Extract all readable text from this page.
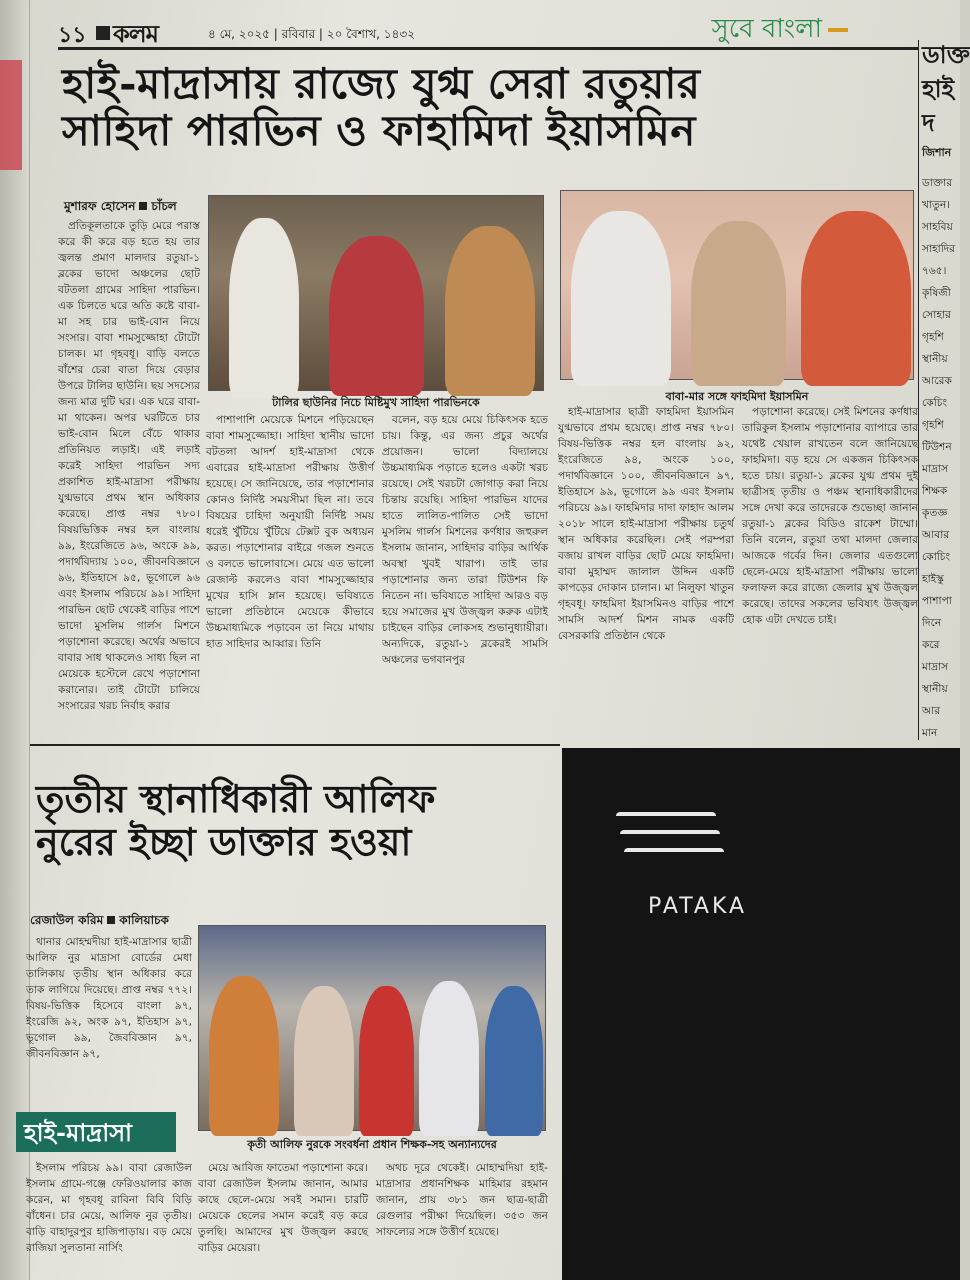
১১	কলম	৪ মে, ২০২৫ | রবিবার | ২০ বৈশাখ, ১৪৩২	সুবে বাংলা
হাই-মাদ্রাসায় রাজ্যে যুগ্ম সেরা রতুয়ার
সাহিদা পারভিন ও ফাহামিদা ইয়াসমিন
মুশারফ হোসেন চাঁচল
টালির ছাউনির নিচে মিষ্টিমুখ সাহিদা পারভিনকে	বাবা-মার সঙ্গে ফাহমিদা ইয়াসমিন

প্রতিকূলতাকে তুড়ি মেরে পরাস্ত করে কী করে বড় হতে হয় তার জ্বলন্ত প্রমাণ মালদার রতুয়া-১ ব্লকের ভাদো অঞ্চলের ছোট বটতলা গ্রামের সাহিদা পারভিন। এক চিলতে ঘরে অতি কষ্টে বাবা-মা সহ চার ভাই-বোন নিয়ে সংসার। বাবা শামসুজ্জোহা টোটো চালক। মা গৃহবধূ। বাড়ি বলতে বাঁশের চেরা বাতা দিয়ে বেড়ার উপরে টালির ছাউনি। ছয় সদস্যের জন্য মাত্র দুটি ঘর। এক ঘরে বাবা-মা থাকেন। অপর ঘরটিতে চার ভাই-বোন মিলে বেঁচে থাকার প্রতিনিয়ত লড়াই। এই লড়াই করেই সাহিদা পারভিন সদ্য প্রকাশিত হাই-মাদ্রাসা পরীক্ষায় যুগ্মভাবে প্রথম স্থান অধিকার করেছে। প্রাপ্ত নম্বর ৭৮০। বিষয়ভিত্তিক নম্বর হল বাংলায় ৯৯, ইংরেজিতে ৯৬, অংকে ৯৯, পদার্থবিদ্যায় ১০০, জীবনবিজ্ঞানে ৯৬, ইতিহাসে ৯৫, ভূগোলে ৯৬ এবং ইসলাম পরিচয়ে ৯৯। সাহিদা পারভিন ছোট থেকেই বাড়ির পাশে ভাদো মুসলিম গার্লস মিশনে পড়াশোনা করেছে। অর্থের অভাবে বাবার সাধ থাকলেও সাধ্য ছিল না মেয়েকে হস্টেলে রেখে পড়াশোনা করানোর। তাই টোটো চালিয়ে সংসারের খরচ নির্বাহ করার

পাশাপাশি মেয়েকে মিশনে পড়িয়েছেন বাবা শামসুজ্জোহা। সাহিদা স্থানীয় ভাদো বটতলা আদর্শ হাই-মাদ্রাসা থেকে এবারের হাই-মাদ্রাসা পরীক্ষায় উত্তীর্ণ হয়েছে। সে জানিয়েছে, তার পড়াশোনার কোনও নির্দিষ্ট সময়সীমা ছিল না। তবে বিষয়ের চাহিদা অনুযায়ী নির্দিষ্ট সময় ধরেই খুঁটিয়ে খুঁটিয়ে টেক্সট বুক অধ্যয়ন করত। পড়াশোনার বাইরে গজল শুনতে ও বলতে ভালোবাসে। মেয়ে এত ভালো রেজাল্ট করলেও বাবা শামসুজ্জোহার মুখের হাসি ম্লান হয়েছে। ভবিষ্যতে ভালো প্রতিষ্ঠানে মেয়েকে কীভাবে উচ্চমাধ্যমিকে পড়াবেন তা নিয়ে মাথায় হাত সাহিদার আব্বার। তিনি

বলেন, বড় হয়ে মেয়ে চিকিৎসক হতে চায়। কিন্তু, এর জন্য প্রচুর অর্থের প্রয়োজন। ভালো বিদ্যালয়ে উচ্চমাধ্যমিক পড়াতে হলেও একটা খরচ রয়েছে। সেই খরচটা জোগাড় করা নিয়ে চিন্তায় রয়েছি। সাহিদা পারভিন যাদের হাতে লালিত-পালিত সেই ভাদো মুসলিম গার্লস মিশনের কর্ণধার জহুরুল ইসলাম জানান, সাহিদার বাড়ির আর্থিক অবস্থা খুবই খারাপ। তাই তার পড়াশোনার জন্য তারা টিউশন ফি নিতেন না। ভবিষ্যতে সাহিদা আরও বড় হয়ে সমাজের মুখ উজ্জ্বল করুক এটাই চাইছেন বাড়ির লোকসহ শুভানুধ্যায়ীরা। অন্যদিকে, রতুয়া-১ ব্লকেরই সামসি অঞ্চলের ভগবানপুর

হাই-মাদ্রাসার ছাত্রী ফাহমিদা ইয়াসমিন যুগ্মভাবে প্রথম হয়েছে। প্রাপ্ত নম্বর ৭৮০। বিষয়-ভিত্তিক নম্বর হল বাংলায় ৯২, ইংরেজিতে ৯৪, অংকে ১০০, পদার্থবিজ্ঞানে ১০০, জীবনবিজ্ঞানে ৯৭, ইতিহাসে ৯৯, ভূগোলে ৯৯ এবং ইসলাম পরিচয়ে ৯৯। ফাহমিদার দাদা ফাহাদ আলম ২০১৮ সালে হাই-মাদ্রাসা পরীক্ষায় চতুর্থ স্থান অধিকার করেছিল। সেই পরম্পরা বজায় রাখল বাড়ির ছোট মেয়ে ফাহমিদা। বাবা মুহাম্মদ জালাল উদ্দিন একটি কাপড়ের দোকান চালান। মা নিলুফা খাতুন গৃহবধূ। ফাহমিদা ইয়াসমিনও বাড়ির পাশে সামসি আদর্শ মিশন নামক একটি বেসরকারি প্রতিষ্ঠান থেকে

পড়াশোনা করেছে। সেই মিশনের কর্ণধার তারিকুল ইসলাম পড়াশোনার ব্যাপারে তার যথেষ্ট খেয়াল রাখতেন বলে জানিয়েছে ফাহমিদা। বড় হয়ে সে একজন চিকিৎসক হতে চায়। রতুয়া-১ ব্লকের যুগ্ম প্রথম দুই ছাত্রীসহ তৃতীয় ও পঞ্চম স্থানাধিকারীদের সঙ্গে দেখা করে তাদেরকে শুভেচ্ছা জানান রতুয়া-১ ব্লকের বিডিও রাকেশ টাম্মো। তিনি বলেন, রতুয়া তথা মালদা জেলার আজকে গর্বের দিন। জেলার এতগুলো ছেলে-মেয়ে হাই-মাদ্রাসা পরীক্ষায় ভালো ফলাফল করে রাজ্যে জেলার মুখ উজ্জ্বল করেছে। তাদের সকলের ভবিষ্যৎ উজ্জ্বল হোক এটা দেখতে চাই।

তৃতীয় স্থানাধিকারী আলিফ
নুরের ইচ্ছা ডাক্তার হওয়া
রেজাউল করিম কালিয়াচক

থানার মোহম্মদীয়া হাই-মাদ্রাসার ছাত্রী আলিফ নুর মাদ্রাসা বোর্ডের মেধা তালিকায় তৃতীয় স্থান অধিকার করে তাক লাগিয়ে দিয়েছে। প্রাপ্ত নম্বর ৭৭২। বিষয়-ভিত্তিক হিসেবে বাংলা ৯৭, ইংরেজি ৯২, অংক ৯৭, ইতিহাস ৯৭, ভূগোল ৯৯, জৈববিজ্ঞান ৯৭, জীবনবিজ্ঞান ৯৭,

কৃতী আলিফ নুরকে সংবর্ধনা প্রধান শিক্ষক-সহ অন্যান্যদের
হাই-মাদ্রাসা

ইসলাম পরিচয় ৯৯। বাবা রেজাউল ইসলাম গ্রামে-গঞ্জে ফেরিওয়ালার কাজ করেন, মা গৃহবধূ রাবিনা বিবি বিড়ি বাঁধেন। চার মেয়ে, আলিফ নুর তৃতীয়। বাড়ি বাহাদুরপুর হাজিপাড়ায়। বড় মেয়ে রাজিয়া সুলতানা নার্সিং

মেয়ে আবিজ ফাতেমা পড়াশোনা করে। বাবা রেজাউল ইসলাম জানান, আমার কাছে ছেলে-মেয়ে সবই সমান। চারটি মেয়েকে ছেলের সমান করেই বড় করে তুলছি। আমাদের মুখ উজ্জ্বল করছে বাড়ির মেয়েরা।

অথচ দূরে থেকেই। মোহাম্মদিয়া হাই-মাদ্রাসার প্রধানশিক্ষক মাহিমার রহমান জানান, প্রায় ৩৮১ জন ছাত্র-ছাত্রী রেগুলার পরীক্ষা দিয়েছিল। ৩৫৩ জন সাফল্যের সঙ্গে উত্তীর্ণ হয়েছে।

PATAKA
ডাক্ত
হাই
দ
জিশান
ডাক্তার
খাতুন।
সাহবিয়
সাহাদির
৭৬৫।
কৃষিজী
সোহার
গৃহশি
স্থানীয়
আরেক
কেচিং
গৃহশি
টিউশন
মাদ্রাস
শিক্ষক
কৃতজ্ঞ
আবার
কোচিং
হাইস্কু
পাশাপা
দিনে
করে
মাদ্রাস
স্থানীয়
আর
মান
